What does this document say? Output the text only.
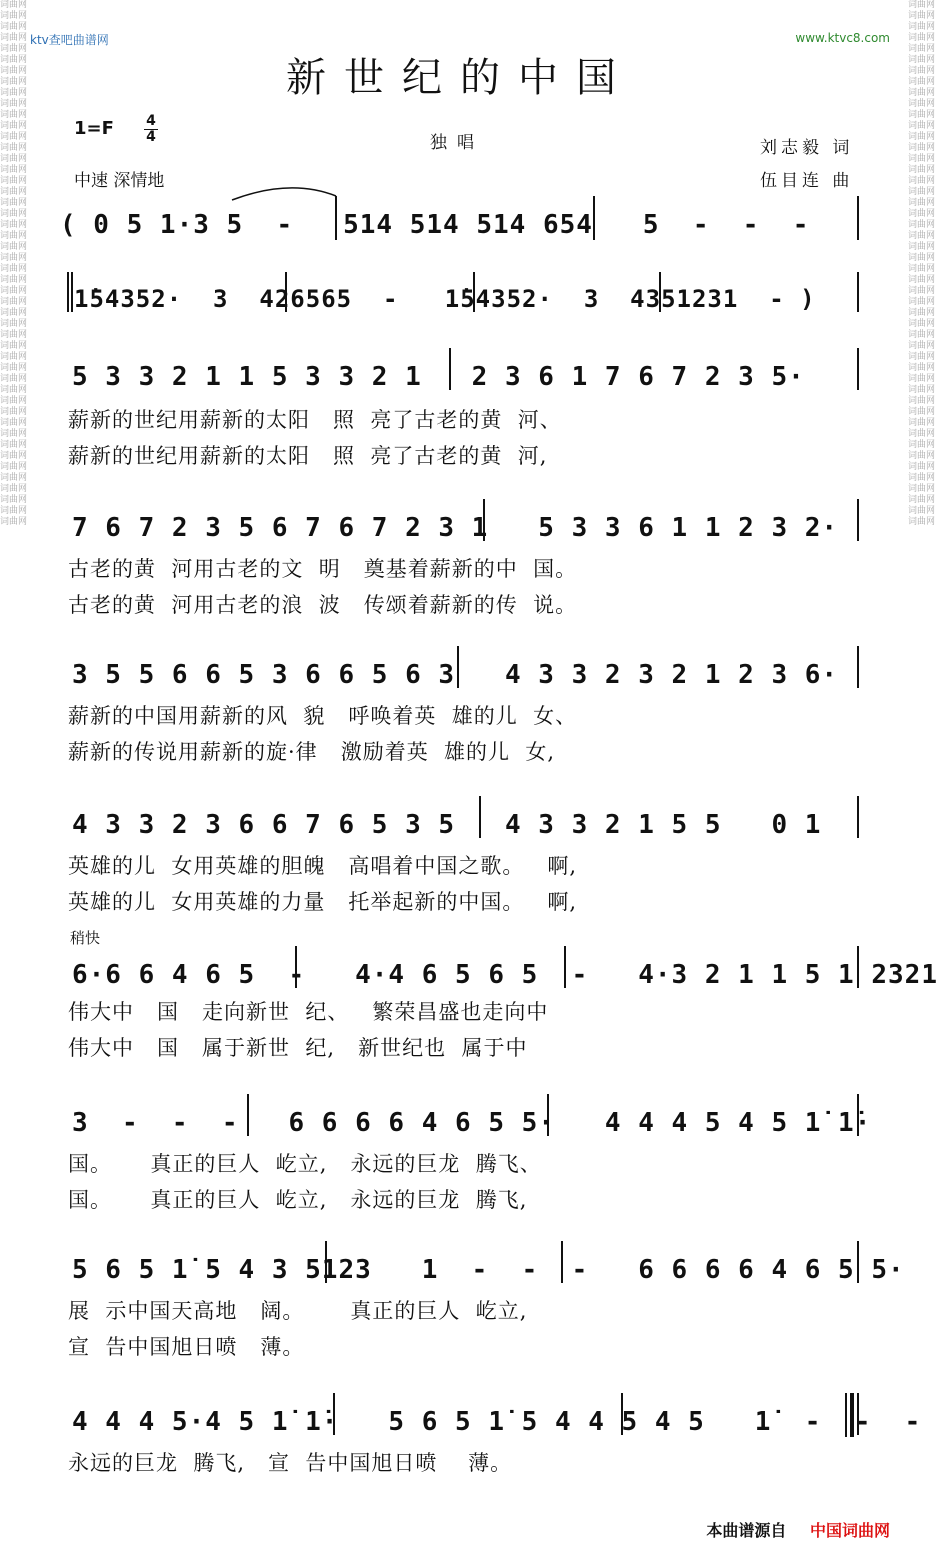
词曲网
词曲网
词曲网
词曲网
词曲网
词曲网
词曲网
词曲网
词曲网
词曲网
词曲网
词曲网
词曲网
词曲网
词曲网
词曲网
词曲网
词曲网
词曲网
词曲网
词曲网
词曲网
词曲网
词曲网
词曲网
词曲网
词曲网
词曲网
词曲网
词曲网
词曲网
词曲网
词曲网
词曲网
词曲网
词曲网
词曲网
词曲网
词曲网
词曲网
词曲网
词曲网
词曲网
词曲网
词曲网
词曲网
词曲网
词曲网

词曲网
词曲网
词曲网
词曲网
词曲网
词曲网
词曲网
词曲网
词曲网
词曲网
词曲网
词曲网
词曲网
词曲网
词曲网
词曲网
词曲网
词曲网
词曲网
词曲网
词曲网
词曲网
词曲网
词曲网
词曲网
词曲网
词曲网
词曲网
词曲网
词曲网
词曲网
词曲网
词曲网
词曲网
词曲网
词曲网
词曲网
词曲网
词曲网
词曲网
词曲网
词曲网
词曲网
词曲网
词曲网
词曲网
词曲网
词曲网

ktv查吧曲谱网	www.ktvc8.com
新世纪的中国
$1=F \frac{4}{4}$	独唱
中速 深情地
刘志毅 词
伍目连 曲
( 0 5 1·3 5  -   514 514 514 654   5  -  -  -
1̇54352·  3  426565  -   1̇54352·  3  4351231  - )
5 3 3 2 1 1 5 3 3 2 1   2 3 6 1 7 6 7 2 3 5·
薪新的世纪用薪新的太阳   照  亮了古老的黄  河、
薪新的世纪用薪新的太阳   照  亮了古老的黄  河,
7 6 7 2 3 5 6 7 6 7 2 3 1   5 3 3 6 1 1 2 3 2·
古老的黄  河用古老的文  明   奠基着薪新的中  国。
古老的黄  河用古老的浪  波   传颂着薪新的传  说。
3 5 5 6 6 5 3 6 6 5 6 3   4 3 3 2 3 2 1 2 3 6·
薪新的中国用薪新的风  貌   呼唤着英  雄的儿  女、
薪新的传说用薪新的旋·律   激励着英  雄的儿  女,
4 3 3 2 3 6 6 7 6 5 3 5   4 3 3 2 1 5 5   0 1
英雄的儿  女用英雄的胆魄   高唱着中国之歌。   啊,
英雄的儿  女用英雄的力量   托举起新的中国。   啊,
6·6 6 4 6 5  -   4·4 6 5 6 5  -   4·3 2 1 1 5 1 2321
伟大中   国   走向新世  纪、   繁荣昌盛也走向中
伟大中   国   属于新世  纪,   新世纪也  属于中
3  -  -  -   6 6 6 6 4 6 5 5·   4 4 4 5 4 5 1̇ 1̇·
国。     真正的巨人  屹立,   永远的巨龙  腾飞、
国。     真正的巨人  屹立,   永远的巨龙  腾飞,
5 6 5 1̇ 5 4 3 5123   1  -  -  -   6 6 6 6 4 6 5 5·
展  示中国天高地   阔。      真正的巨人  屹立,
宣  告中国旭日喷   薄。
4 4 4 5·4 5 1̇ 1̇·   5 6 5 1̇ 5 4 4 5 4 5   1̇  -  -  -
永远的巨龙  腾飞,   宣  告中国旭日喷    薄。
稍快
本曲谱源自 中国词曲网
